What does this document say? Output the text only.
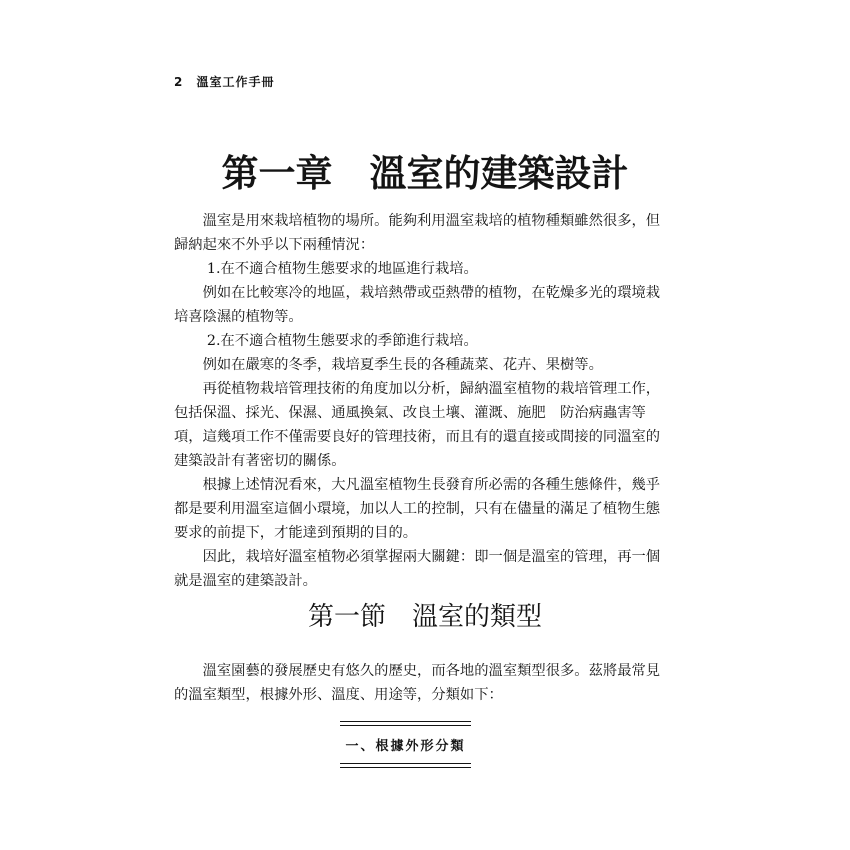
2 溫室工作手冊
第一章　溫室的建築設計

溫室是用來栽培植物的場所。能夠利用溫室栽培的植物種類雖然很多，但歸納起來不外乎以下兩種情況：

1.在不適合植物生態要求的地區進行栽培。

例如在比較寒冷的地區，栽培熱帶或亞熱帶的植物，在乾燥多光的環境栽培喜陰濕的植物等。

2.在不適合植物生態要求的季節進行栽培。

例如在嚴寒的冬季，栽培夏季生長的各種蔬菜、花卉、果樹等。

再從植物栽培管理技術的角度加以分析，歸納溫室植物的栽培管理工作，包括保溫、採光、保濕、通風換氣、改良土壤、灌溉、施肥　防治病蟲害等項，這幾項工作不僅需要良好的管理技術，而且有的還直接或間接的同溫室的建築設計有著密切的關係。

根據上述情況看來，大凡溫室植物生長發育所必需的各種生態條件，幾乎都是要利用溫室這個小環境，加以人工的控制，只有在儘量的滿足了植物生態要求的前提下，才能達到預期的目的。

因此，栽培好溫室植物必須掌握兩大關鍵：即一個是溫室的管理，再一個就是溫室的建築設計。

第一節　溫室的類型

溫室園藝的發展歷史有悠久的歷史，而各地的溫室類型很多。茲將最常見的溫室類型，根據外形、溫度、用途等，分類如下：

一、根據外形分類
